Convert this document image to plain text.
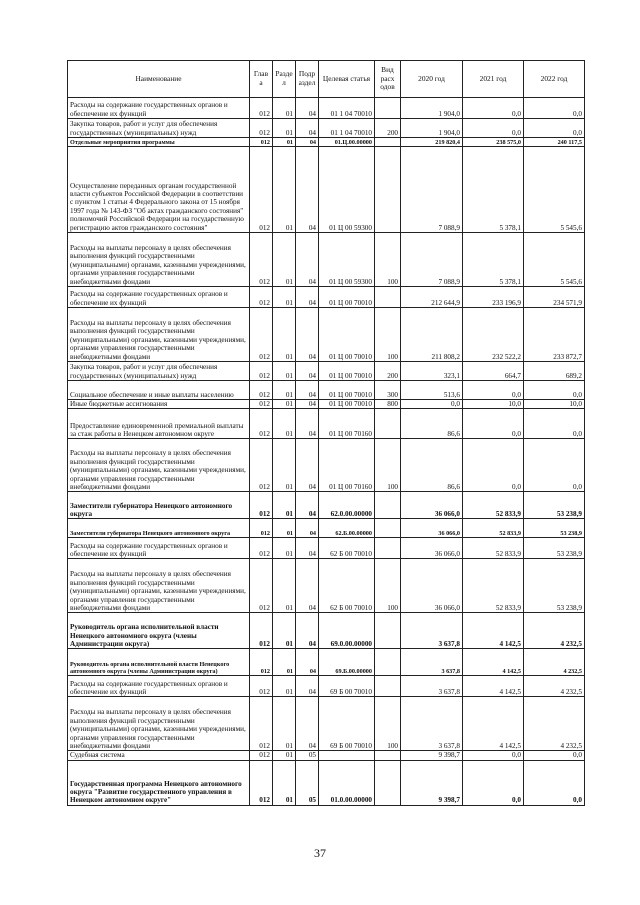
Наименование	Глав а	Разде л	Подр аздел	Целевая статья	Вид расх одов	2020 год	2021 год	2022 год
Расходы на содержание государственных органов и обеспечение их функций	012	01	04	01 1 04 70010		1 904,0	0,0	0,0
Закупка товаров, работ и услуг для обеспечения государственных (муниципальных) нужд	012	01	04	01 1 04 70010	200	1 904,0	0,0	0,0
Отдельные мероприятия программы	012	01	04	01.Ц.00.00000		219 820,4	238 575,0	240 117,5
Осуществление переданных органам государственной власти субъектов Российской Федерации в соответствии с пунктом 1 статьи 4 Федерального закона от 15 ноября 1997 года № 143-ФЗ "Об актах гражданского состояния" полномочий Российской Федерации на государственную регистрацию актов гражданского состояния"	012	01	04	01 Ц 00 59300		7 088,9	5 378,1	5 545,6
Расходы на выплаты персоналу в целях обеспечения выполнения функций государственными (муниципальными) органами, казенными учреждениями, органами управления государственными внебюджетными фондами	012	01	04	01 Ц 00 59300	100	7 088,9	5 378,1	5 545,6
Расходы на содержание государственных органов и обеспечение их функций	012	01	04	01 Ц 00 70010		212 644,9	233 196,9	234 571,9
Расходы на выплаты персоналу в целях обеспечения выполнения функций государственными (муниципальными) органами, казенными учреждениями, органами управления государственными внебюджетными фондами	012	01	04	01 Ц 00 70010	100	211 808,2	232 522,2	233 872,7
Закупка товаров, работ и услуг для обеспечения государственных (муниципальных) нужд	012	01	04	01 Ц 00 70010	200	323,1	664,7	689,2
Социальное обеспечение и иные выплаты населению	012	01	04	01 Ц 00 70010	300	513,6	0,0	0,0
Иные бюджетные ассигнования	012	01	04	01 Ц 00 70010	800	0,0	10,0	10,0
Предоставление единовременной премиальной выплаты за стаж работы в Ненецком автономном округе	012	01	04	01 Ц 00 70160		86,6	0,0	0,0
Расходы на выплаты персоналу в целях обеспечения выполнения функций государственными (муниципальными) органами, казенными учреждениями, органами управления государственными внебюджетными фондами	012	01	04	01 Ц 00 70160	100	86,6	0,0	0,0
Заместители губернатора Ненецкого автономного округа	012	01	04	62.0.00.00000		36 066,0	52 833,9	53 238,9
Заместители губернатора Ненецкого автономного округа	012	01	04	62.Б.00.00000		36 066,0	52 833,9	53 238,9
Расходы на содержание государственных органов и обеспечение их функций	012	01	04	62 Б 00 70010		36 066,0	52 833,9	53 238,9
Расходы на выплаты персоналу в целях обеспечения выполнения функций государственными (муниципальными) органами, казенными учреждениями, органами управления государственными внебюджетными фондами	012	01	04	62 Б 00 70010	100	36 066,0	52 833,9	53 238,9
Руководитель органа исполнительной власти Ненецкого автономного округа (члены Администрации округа)	012	01	04	69.0.00.00000		3 637,8	4 142,5	4 232,5
Руководитель органа исполнительной власти Ненецкого автономного округа (члены Администрации округа)	012	01	04	69.Б.00.00000		3 637,8	4 142,5	4 232,5
Расходы на содержание государственных органов и обеспечение их функций	012	01	04	69 Б 00 70010		3 637,8	4 142,5	4 232,5
Расходы на выплаты персоналу в целях обеспечения выполнения функций государственными (муниципальными) органами, казенными учреждениями, органами управления государственными внебюджетными фондами	012	01	04	69 Б 00 70010	100	3 637,8	4 142,5	4 232,5
Судебная система	012	01	05			9 398,7	0,0	0,0
Государственная программа Ненецкого автономного округа "Развитие государственного управления в Ненецком автономном округе"	012	01	05	01.0.00.00000		9 398,7	0,0	0,0
37
